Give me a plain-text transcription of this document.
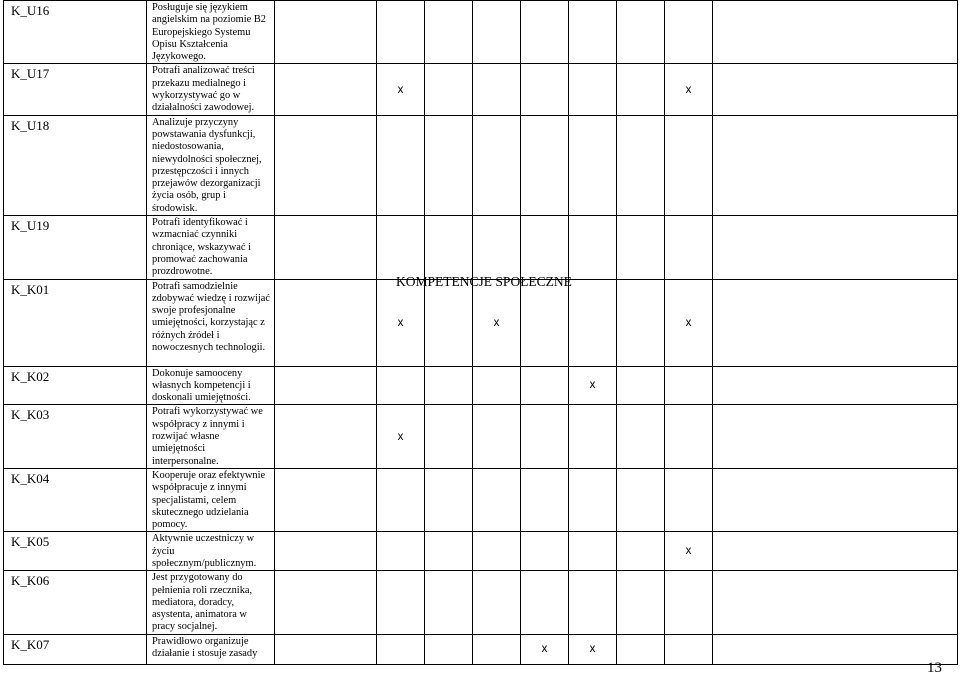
K_U16	Posługuje się językiem angielskim na poziomie B2 Europejskiego Systemu Opisu Kształcenia Językowego.									
K_U17	Potrafi analizować treści przekazu medialnego i wykorzystywać go w działalności zawodowej.		x						x	
K_U18	Analizuje przyczyny powstawania dysfunkcji, niedostosowania, niewydolności społecznej, przestępczości i innych przejawów dezorganizacji życia osób, grup i środowisk.									
K_U19	Potrafi identyfikować i wzmacniać czynniki chroniące, wskazywać i promować zachowania prozdrowotne.									
K_K01	Potrafi samodzielnie zdobywać wiedzę i rozwijać swoje profesjonalne umiejętności, korzystając z różnych źródeł i nowoczesnych technologii.		x		x				x	
K_K02	Dokonuje samooceny własnych kompetencji i doskonali umiejętności.						x			
K_K03	Potrafi wykorzystywać we współpracy z innymi i rozwijać własne umiejętności interpersonalne.		x							
K_K04	Kooperuje oraz efektywnie współpracuje z innymi specjalistami, celem skutecznego udzielania pomocy.									
K_K05	Aktywnie uczestniczy w życiu społecznym/publicznym.								x	
K_K06	Jest przygotowany do pełnienia roli rzecznika, mediatora, doradcy, asystenta, animatora w pracy socjalnej.									
K_K07	Prawidłowo organizuje działanie i stosuje zasady					x	x			
KOMPETENCJE SPOŁECZNE
13
